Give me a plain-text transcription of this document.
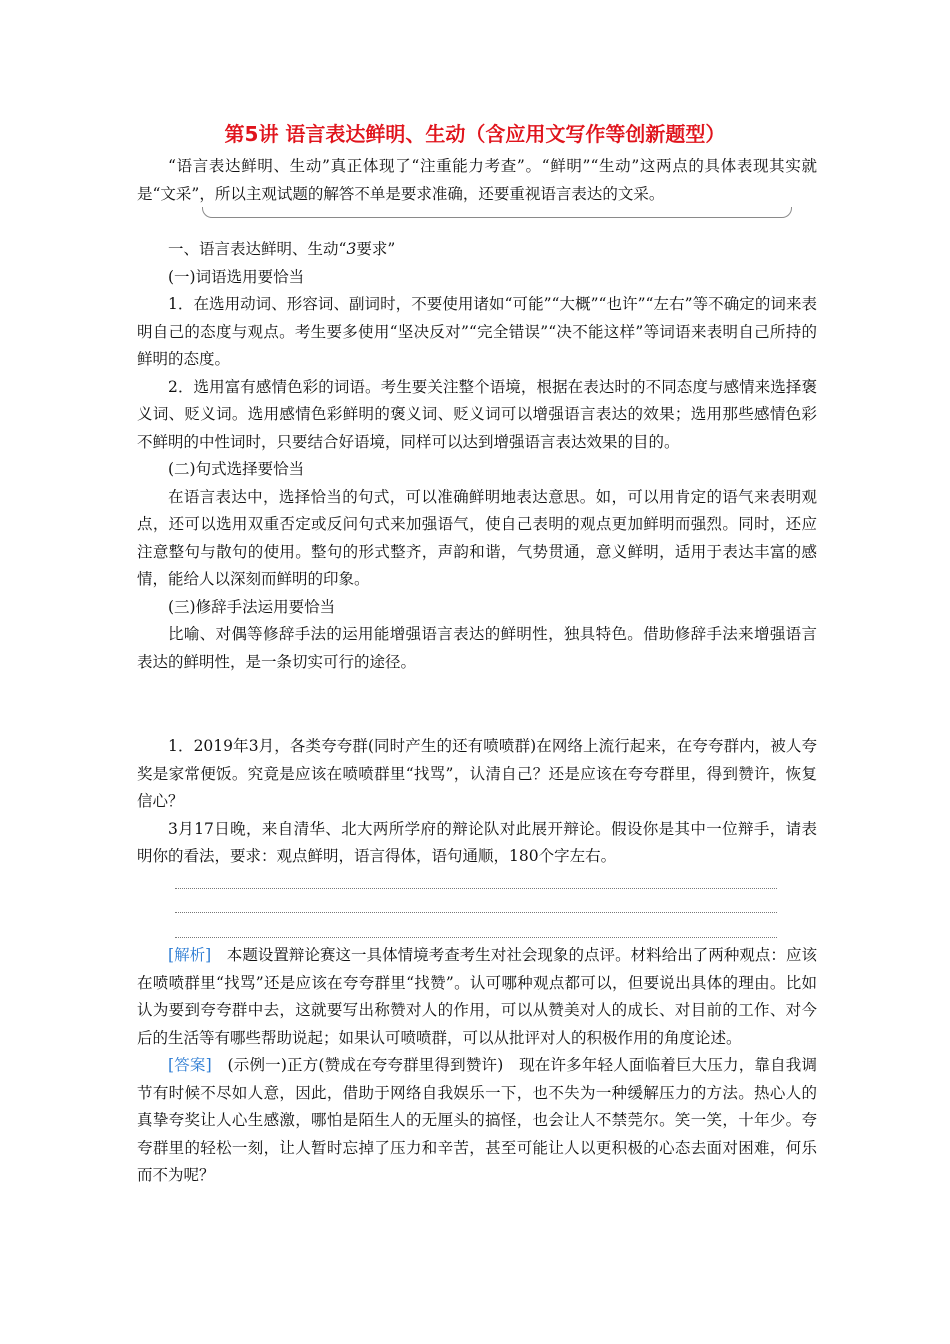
第5讲 语言表达鲜明、生动（含应用文写作等创新题型）

“语言表达鲜明、生动”真正体现了“注重能力考查”。“鲜明”“生动”这两点的具体表现其实就是“文采”，所以主观试题的解答不单是要求准确，还要重视语言表达的文采。

一、语言表达鲜明、生动“3要求”

(一)词语选用要恰当

1．在选用动词、形容词、副词时，不要使用诸如“可能”“大概”“也许”“左右”等不确定的词来表明自己的态度与观点。考生要多使用“坚决反对”“完全错误”“决不能这样”等词语来表明自己所持的鲜明的态度。

2．选用富有感情色彩的词语。考生要关注整个语境，根据在表达时的不同态度与感情来选择褒义词、贬义词。选用感情色彩鲜明的褒义词、贬义词可以增强语言表达的效果；选用那些感情色彩不鲜明的中性词时，只要结合好语境，同样可以达到增强语言表达效果的目的。

(二)句式选择要恰当

在语言表达中，选择恰当的句式，可以准确鲜明地表达意思。如，可以用肯定的语气来表明观点，还可以选用双重否定或反问句式来加强语气，使自己表明的观点更加鲜明而强烈。同时，还应注意整句与散句的使用。整句的形式整齐，声韵和谐，气势贯通，意义鲜明，适用于表达丰富的感情，能给人以深刻而鲜明的印象。

(三)修辞手法运用要恰当

比喻、对偶等修辞手法的运用能增强语言表达的鲜明性，独具特色。借助修辞手法来增强语言表达的鲜明性，是一条切实可行的途径。

1．2019年3月，各类夸夸群(同时产生的还有喷喷群)在网络上流行起来，在夸夸群内，被人夸奖是家常便饭。究竟是应该在喷喷群里“找骂”，认清自己？还是应该在夸夸群里，得到赞许，恢复信心？

3月17日晚，来自清华、北大两所学府的辩论队对此展开辩论。假设你是其中一位辩手，请表明你的看法，要求：观点鲜明，语言得体，语句通顺，180个字左右。

[解析]　 本题设置辩论赛这一具体情境考查考生对社会现象的点评。材料给出了两种观点：应该在喷喷群里“找骂”还是应该在夸夸群里“找赞”。认可哪种观点都可以，但要说出具体的理由。比如认为要到夸夸群中去，这就要写出称赞对人的作用，可以从赞美对人的成长、对目前的工作、对今后的生活等有哪些帮助说起；如果认可喷喷群，可以从批评对人的积极作用的角度论述。

[答案]　 (示例一)正方(赞成在夸夸群里得到赞许)　现在许多年轻人面临着巨大压力，靠自我调节有时候不尽如人意，因此，借助于网络自我娱乐一下，也不失为一种缓解压力的方法。热心人的真挚夸奖让人心生感激，哪怕是陌生人的无厘头的搞怪，也会让人不禁莞尔。笑一笑，十年少。夸夸群里的轻松一刻，让人暂时忘掉了压力和辛苦，甚至可能让人以更积极的心态去面对困难，何乐而不为呢？
